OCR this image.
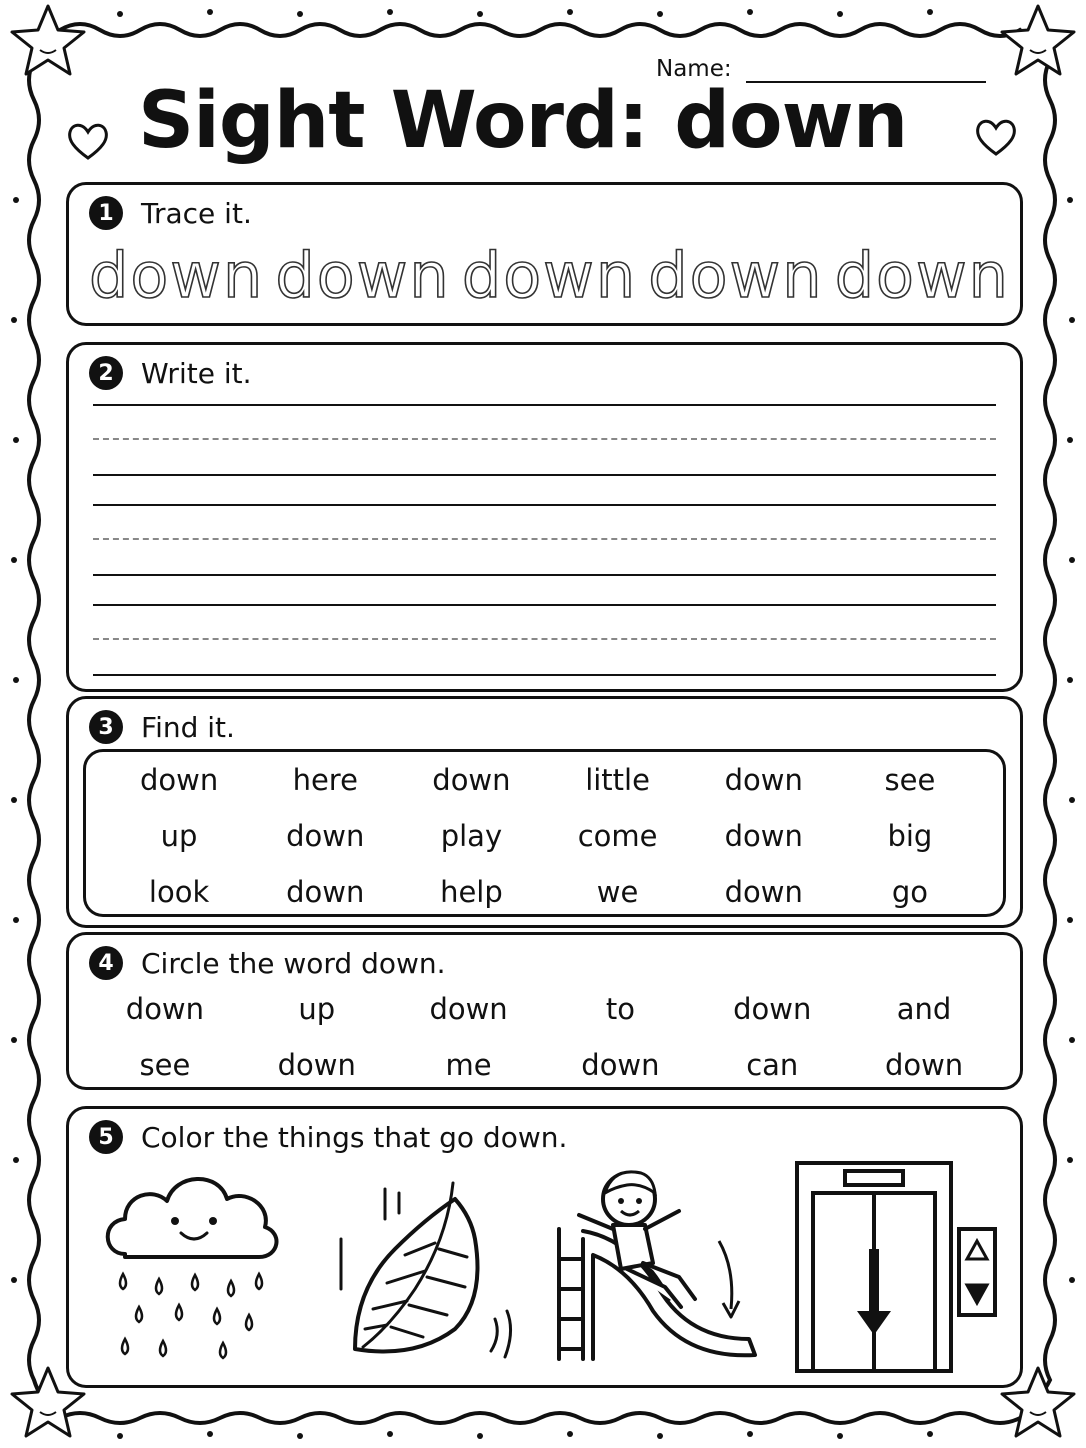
Name:
Sight Word: down
1 Trace it.
down down down down down
2 Write it.
3 Find it.
down	here	down	little	down	see
up	down	play	come	down	big
look	down	help	we	down	go
4 Circle the word down.
down	up	down	to	down	and
see	down	me	down	can	down
5 Color the things that go down.
